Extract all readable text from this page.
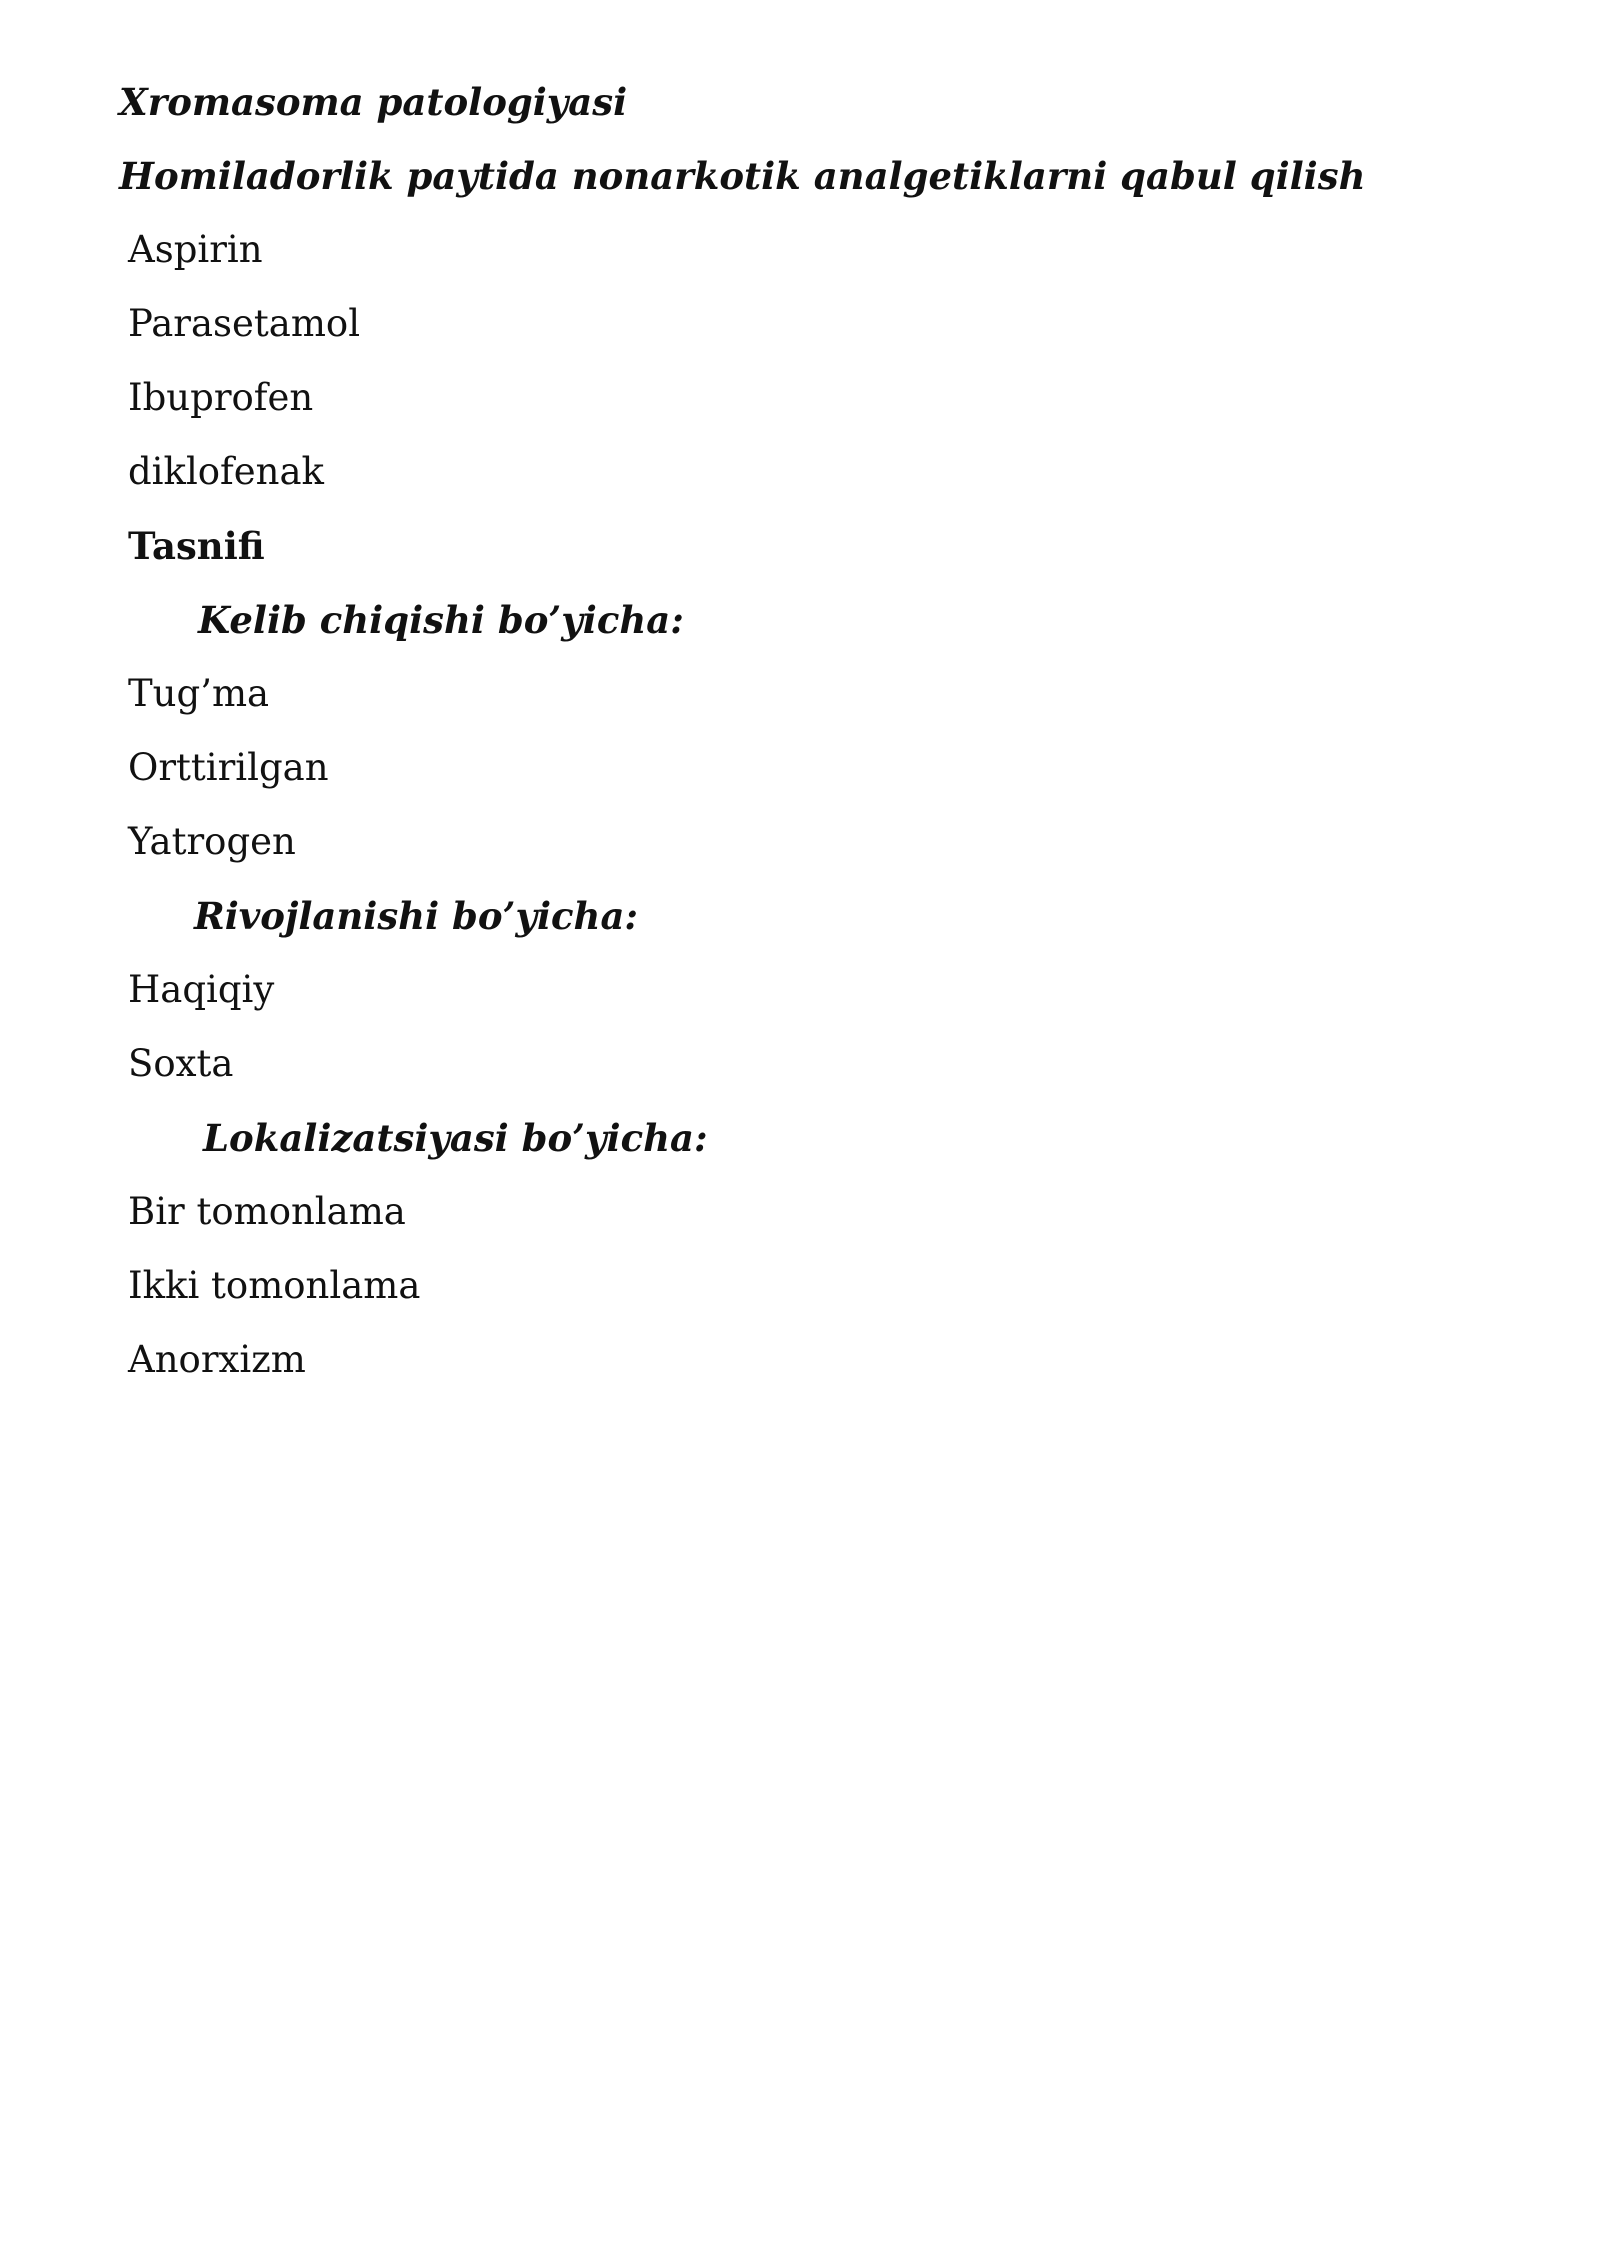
Xromasoma patologiyasi
Homiladorlik paytida nonarkotik analgetiklarni qabul qilish
Aspirin
Parasetamol
Ibuprofen
diklofenak
Tasnifi
Kelib chiqishi bo’yicha:
Tug’ma
Orttirilgan
Yatrogen
Rivojlanishi bo’yicha:
Haqiqiy
Soxta
Lokalizatsiyasi bo’yicha:
Bir tomonlama
Ikki tomonlama
Anorxizm
